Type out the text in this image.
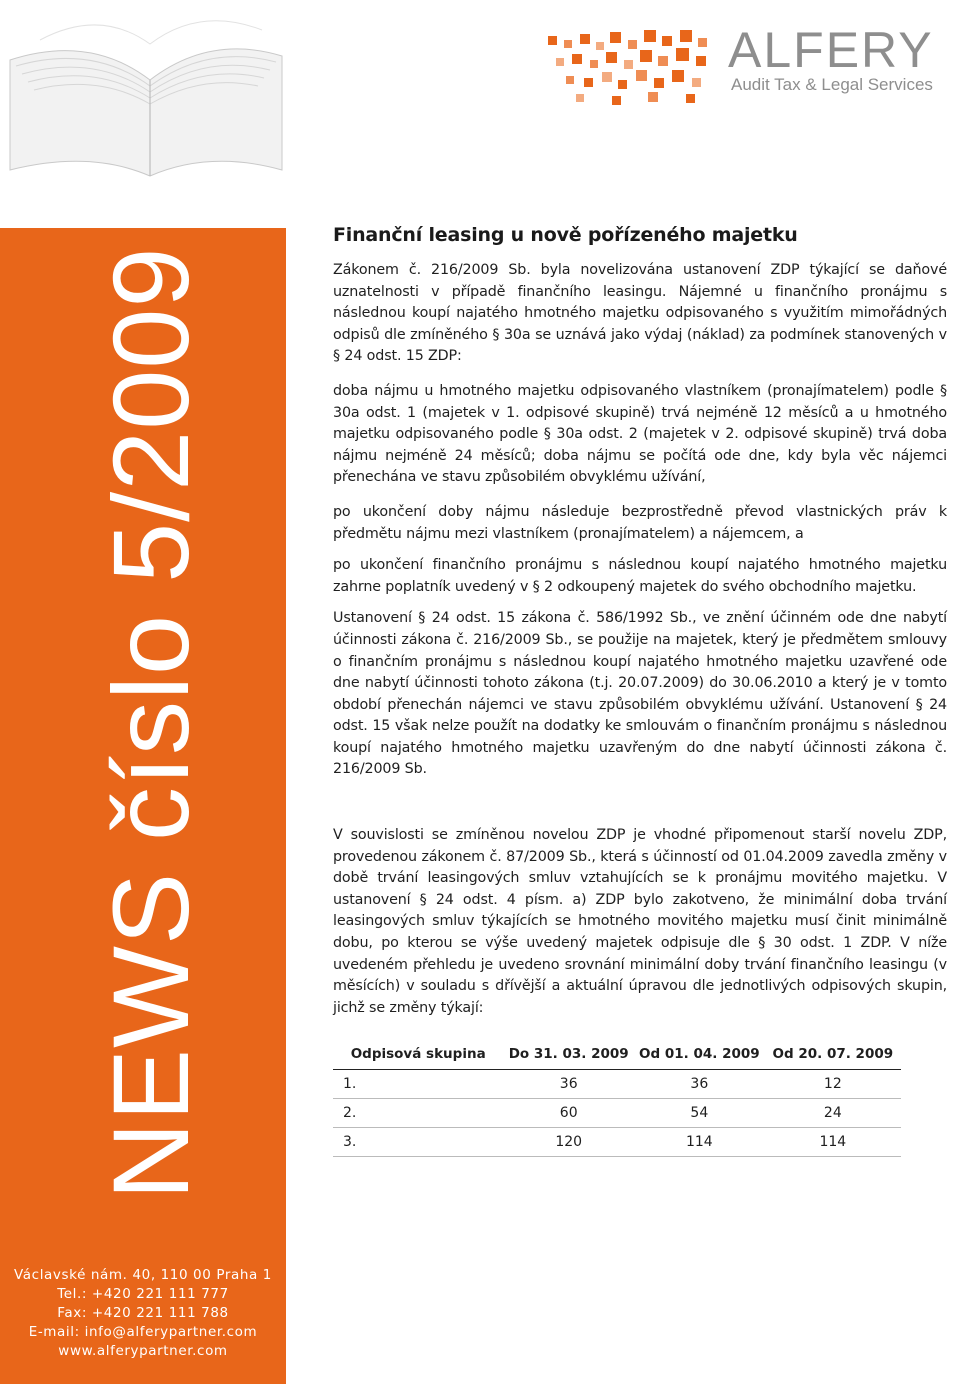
ALFERY
Audit Tax & Legal Services
NEWS číslo 5/2009
Václavské nám. 40, 110 00 Praha 1
Tel.: +420 221 111 777
Fax: +420 221 111 788
E-mail: info@alferypartner.com
www.alferypartner.com
Finanční leasing u nově pořízeného majetku

Zákonem č. 216/2009 Sb. byla novelizována ustanovení ZDP týkající se daňové uznatelnosti v případě finančního leasingu. Nájemné u finančního pronájmu s následnou koupí najatého hmotného majetku odpisovaného s využitím mimořádných odpisů dle zmíněného § 30a se uznává jako výdaj (náklad) za podmínek stanovených v § 24 odst. 15 ZDP:

doba nájmu u hmotného majetku odpisovaného vlastníkem (pronajímatelem) podle § 30a odst. 1 (majetek v 1. odpisové skupině) trvá nejméně 12 měsíců a u hmotného majetku odpisovaného podle § 30a odst. 2 (majetek v 2. odpisové skupině) trvá doba nájmu nejméně 24 měsíců; doba nájmu se počítá ode dne, kdy byla věc nájemci přenechána ve stavu způsobilém obvyklému užívání,

po ukončení doby nájmu následuje bezprostředně převod vlastnických práv k předmětu nájmu mezi vlastníkem (pronajímatelem) a nájemcem, a

po ukončení finančního pronájmu s následnou koupí najatého hmotného majetku zahrne poplatník uvedený v § 2 odkoupený majetek do svého obchodního majetku.

Ustanovení § 24 odst. 15 zákona č. 586/1992 Sb., ve znění účinném ode dne nabytí účinnosti zákona č. 216/2009 Sb., se použije na majetek, který je předmětem smlouvy o finančním pronájmu s následnou koupí najatého hmotného majetku uzavřené ode dne nabytí účinnosti tohoto zákona (t.j. 20.07.2009) do 30.06.2010 a který je v tomto období přenechán nájemci ve stavu způsobilém obvyklému užívání. Ustanovení § 24 odst. 15 však nelze použít na dodatky ke smlouvám o finančním pronájmu s následnou koupí najatého hmotného majetku uzavřeným do dne nabytí účinnosti zákona č. 216/2009 Sb.

V souvislosti se zmíněnou novelou ZDP je vhodné připomenout starší novelu ZDP, provedenou zákonem č. 87/2009 Sb., která s účinností od 01.04.2009 zavedla změny v době trvání leasingových smluv vztahujících se k pronájmu movitého majetku. V ustanovení § 24 odst. 4 písm. a) ZDP bylo zakotveno, že minimální doba trvání leasingových smluv týkajících se hmotného movitého majetku musí činit minimálně dobu, po kterou se výše uvedený majetek odpisuje dle § 30 odst. 1 ZDP. V níže uvedeném přehledu je uvedeno srovnání minimální doby trvání finančního leasingu (v měsících) v souladu s dřívější a aktuální úpravou dle jednotlivých odpisových skupin, jichž se změny týkají:

Odpisová skupina	Do 31. 03. 2009	Od 01. 04. 2009	Od 20. 07. 2009
1.	36	36	12
2.	60	54	24
3.	120	114	114
